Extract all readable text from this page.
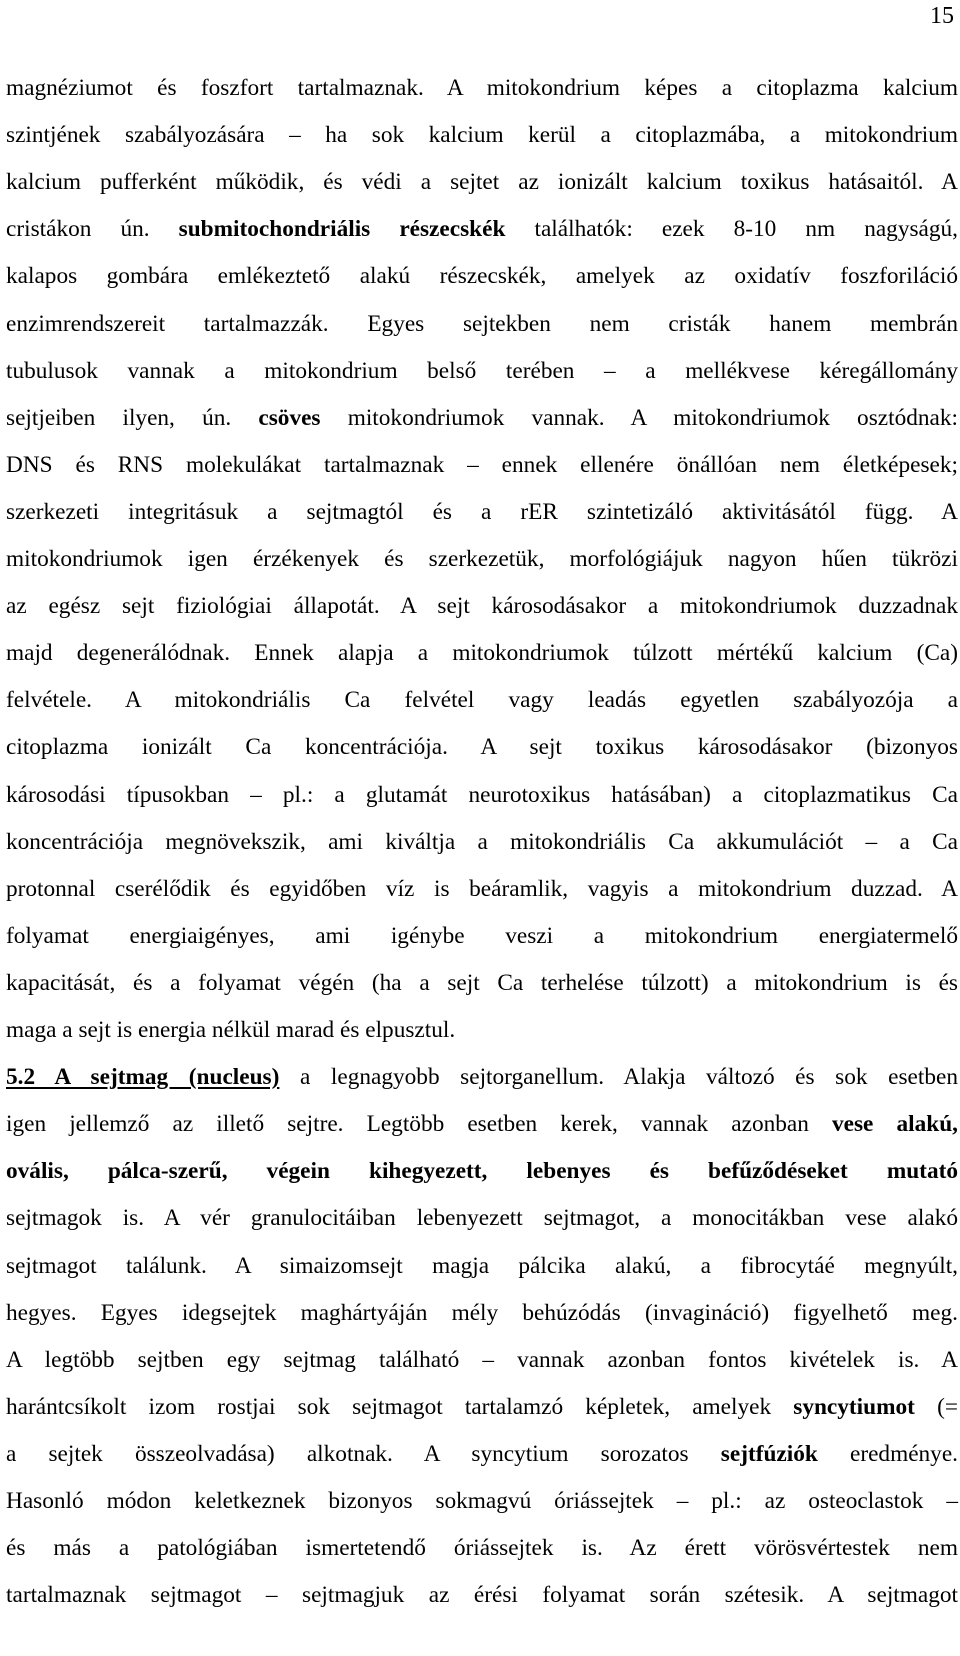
15
magnéziumot és foszfort tartalmaznak. A mitokondrium képes a citoplazma kalcium
szintjének szabályozására – ha sok kalcium kerül a citoplazmába, a mitokondrium
kalcium pufferként működik, és védi a sejtet az ionizált kalcium toxikus hatásaitól. A
cristákon ún. submitochondriális részecskék találhatók: ezek 8-10 nm nagyságú,
kalapos gombára emlékeztető alakú részecskék, amelyek az oxidatív foszforiláció
enzimrendszereit tartalmazzák. Egyes sejtekben nem cristák hanem membrán
tubulusok vannak a mitokondrium belső terében – a mellékvese kéregállomány
sejtjeiben ilyen, ún. csöves mitokondriumok vannak. A mitokondriumok osztódnak:
DNS és RNS molekulákat tartalmaznak – ennek ellenére önállóan nem életképesek;
szerkezeti integritásuk a sejtmagtól és a rER szintetizáló aktivitásától függ. A
mitokondriumok igen érzékenyek és szerkezetük, morfológiájuk nagyon hűen tükrözi
az egész sejt fiziológiai állapotát. A sejt károsodásakor a mitokondriumok duzzadnak
majd degenerálódnak. Ennek alapja a mitokondriumok túlzott mértékű kalcium (Ca)
felvétele. A mitokondriális Ca felvétel vagy leadás egyetlen szabályozója a
citoplazma ionizált Ca koncentrációja. A sejt toxikus károsodásakor (bizonyos
károsodási típusokban – pl.: a glutamát neurotoxikus hatásában) a citoplazmatikus Ca
koncentrációja megnövekszik, ami kiváltja a mitokondriális Ca akkumulációt – a Ca
protonnal cserélődik és egyidőben víz is beáramlik, vagyis a mitokondrium duzzad. A
folyamat energiaigényes, ami igénybe veszi a mitokondrium energiatermelő
kapacitását, és a folyamat végén (ha a sejt Ca terhelése túlzott) a mitokondrium is és
maga a sejt is energia nélkül marad és elpusztul.
5.2 A sejtmag (nucleus) a legnagyobb sejtorganellum. Alakja változó és sok esetben
igen jellemző az illető sejtre. Legtöbb esetben kerek, vannak azonban vese alakú,
ovális, pálca-szerű, végein kihegyezett, lebenyes és befűződéseket mutató
sejtmagok is. A vér granulocitáiban lebenyezett sejtmagot, a monocitákban vese alakó
sejtmagot találunk. A simaizomsejt magja pálcika alakú, a fibrocytáé megnyúlt,
hegyes. Egyes idegsejtek maghártyáján mély behúzódás (invagináció) figyelhető meg.
A legtöbb sejtben egy sejtmag található – vannak azonban fontos kivételek is. A
harántcsíkolt izom rostjai sok sejtmagot tartalamzó képletek, amelyek syncytiumot (=
a sejtek összeolvadása) alkotnak. A syncytium sorozatos sejtfúziók eredménye.
Hasonló módon keletkeznek bizonyos sokmagvú óriássejtek – pl.: az osteoclastok –
és más a patológiában ismertetendő óriássejtek is. Az érett vörösvértestek nem
tartalmaznak sejtmagot – sejtmagjuk az érési folyamat során szétesik. A sejtmagot
